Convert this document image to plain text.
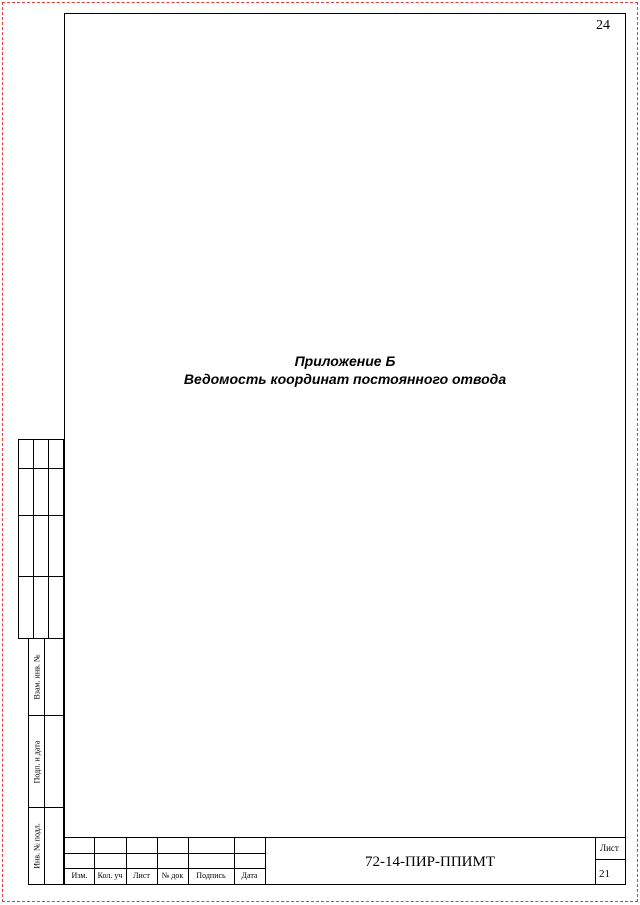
24
Приложение Б
Ведомость координат постоянного отвода
Взам. инв. №
Подп. и дата
Инв. № подл.
Изм.	Кол. уч	Лист	№ док	Подпись	Дата
72-14-ПИР-ППИМТ
Лист
21
